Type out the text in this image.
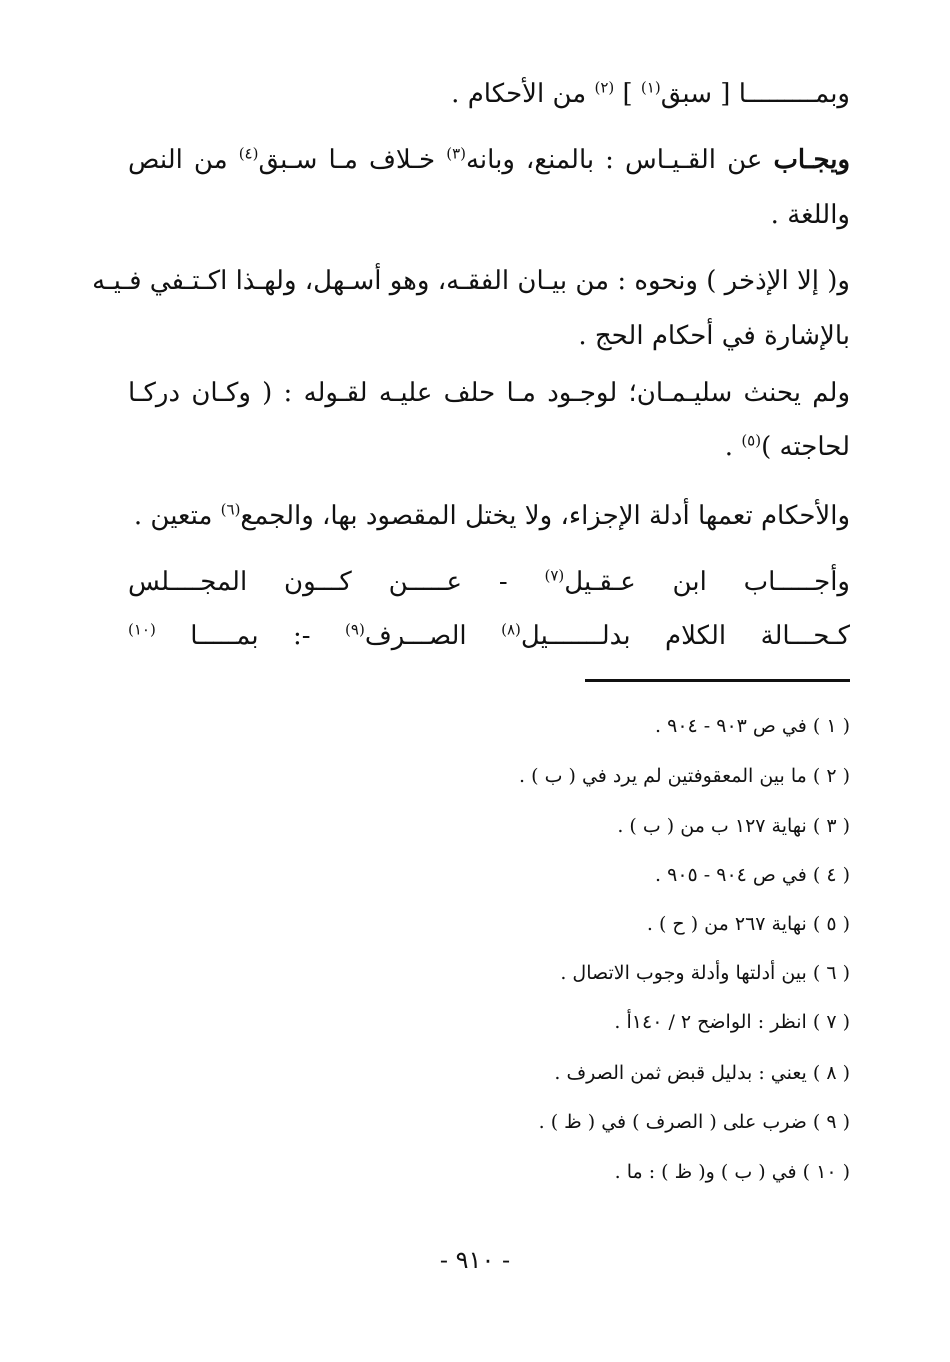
وبمـــــــــا [ سبق$^{(١)}$ ] $^{(٢)}$ من الأحكام .

ويجـاب عن القـيـاس : بالمنع، وبانه$^{(٣)}$ خـلاف مـا سـبق$^{(٤)}$ من النص

واللغة .

و( إلا الإذخر ) ونحوه : من بيـان الفقـه، وهو أسـهل، ولهـذا اكـتـفي فـيـه

بالإشارة في أحكام الحج .

ولم يحنث سليـمـان؛ لوجـود مـا حلف عليـه لقـوله : ( وكـان دركـا

لحاجته )$^{(٥)}$ .

والأحكام تعمها أدلة الإجزاء، ولا يختل المقصود بها، والجمع$^{(٦)}$ متعين .

وأجـــــاب ابن عـقـيل$^{(٧)}$ - عـــــن كـــون المجــــلس

كـحـــالة الكلام بدلـــــــيل$^{(٨)}$ الصـــرف$^{(٩)}$ -: بمـــــا $^{(١٠)}$

( ١ ) في ص ٩٠٣ - ٩٠٤ .

( ٢ ) ما بين المعقوفتين لم يرد في ( ب ) .

( ٣ ) نهاية ١٢٧ ب من ( ب ) .

( ٤ ) في ص ٩٠٤ - ٩٠٥ .

( ٥ ) نهاية ٢٦٧ من ( ح ) .

( ٦ ) بين أدلتها وأدلة وجوب الاتصال .

( ٧ ) انظر : الواضح ٢ / ١٤٠أ .

( ٨ ) يعني : بدليل قبض ثمن الصرف .

( ٩ ) ضرب على ( الصرف ) في ( ظ ) .

( ١٠ ) في ( ب ) و( ظ ) : ما .

- ٩١٠ -
